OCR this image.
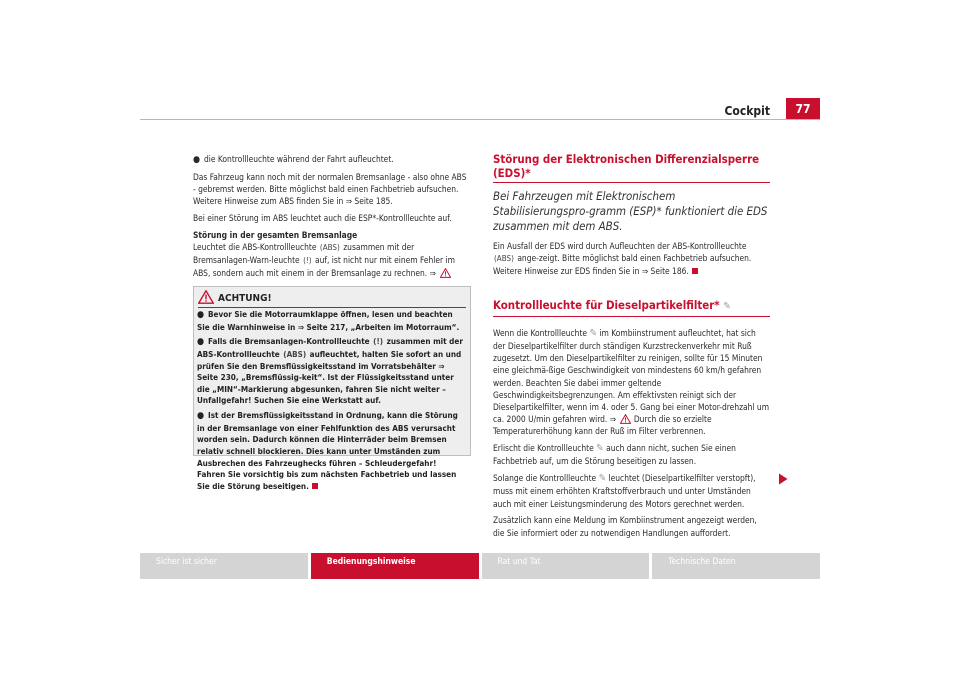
Cockpit	77

● die Kontrollleuchte während der Fahrt aufleuchtet.

Das Fahrzeug kann noch mit der normalen Bremsanlage - also ohne ABS - gebremst werden. Bitte möglichst bald einen Fachbetrieb aufsuchen. Weitere Hinweise zum ABS finden Sie in ⇒ Seite 185.

Bei einer Störung im ABS leuchtet auch die ESP*-Kontrollleuchte auf.

Störung in der gesamten Bremsanlage

Leuchtet die ABS-Kontrollleuchte (ABS) zusammen mit der Bremsanlagen-Warn-leuchte (!) auf, ist nicht nur mit einem Fehler im ABS, sondern auch mit einem in der Bremsanlage zu rechnen. ⇒

ACHTUNG!

● Bevor Sie die Motorraumklappe öffnen, lesen und beachten Sie die Warnhinweise in ⇒ Seite 217, „Arbeiten im Motorraum“.

● Falls die Bremsanlagen-Kontrollleuchte (!) zusammen mit der ABS-Kontrollleuchte (ABS) aufleuchtet, halten Sie sofort an und prüfen Sie den Bremsflüssigkeitsstand im Vorratsbehälter ⇒ Seite 230, „Bremsflüssig-keit“. Ist der Flüssigkeitsstand unter die „MIN“-Markierung abgesunken, fahren Sie nicht weiter – Unfallgefahr! Suchen Sie eine Werkstatt auf.

● Ist der Bremsflüssigkeitsstand in Ordnung, kann die Störung in der Bremsanlage von einer Fehlfunktion des ABS verursacht worden sein. Dadurch können die Hinterräder beim Bremsen relativ schnell blockieren. Dies kann unter Umständen zum Ausbrechen des Fahrzeughecks führen – Schleudergefahr! Fahren Sie vorsichtig bis zum nächsten Fachbetrieb und lassen Sie die Störung beseitigen.

Störung der Elektronischen Differenzialsperre (EDS)*
Bei Fahrzeugen mit Elektronischem Stabilisierungspro-gramm (ESP)* funktioniert die EDS zusammen mit dem ABS.

Ein Ausfall der EDS wird durch Aufleuchten der ABS-Kontrollleuchte (ABS) ange-zeigt. Bitte möglichst bald einen Fachbetrieb aufsuchen. Weitere Hinweise zur EDS finden Sie in ⇒ Seite 186.

Kontrollleuchte für Dieselpartikelfilter* ✎

Wenn die Kontrollleuchte ✎ im Kombiinstrument aufleuchtet, hat sich der Dieselpartikelfilter durch ständigen Kurzstreckenverkehr mit Ruß zugesetzt. Um den Dieselpartikelfilter zu reinigen, sollte für 15 Minuten eine gleichmä-ßige Geschwindigkeit von mindestens 60 km/h gefahren werden. Beachten Sie dabei immer geltende Geschwindigkeitsbegrenzungen. Am effektivsten reinigt sich der Dieselpartikelfilter, wenn im 4. oder 5. Gang bei einer Motor-drehzahl um ca. 2000 U/min gefahren wird. ⇒ Durch die so erzielte Temperaturerhöhung kann der Ruß im Filter verbrennen.

Erlischt die Kontrollleuchte ✎ auch dann nicht, suchen Sie einen Fachbetrieb auf, um die Störung beseitigen zu lassen.

Solange die Kontrollleuchte ✎ leuchtet (Dieselpartikelfilter verstopft), muss mit einem erhöhten Kraftstoffverbrauch und unter Umständen auch mit einer Leistungsminderung des Motors gerechnet werden.

Zusätzlich kann eine Meldung im Kombiinstrument angezeigt werden, die Sie informiert oder zu notwendigen Handlungen auffordert.

Sicher ist sicher	Bedienungshinweise	Rat und Tat	Technische Daten
